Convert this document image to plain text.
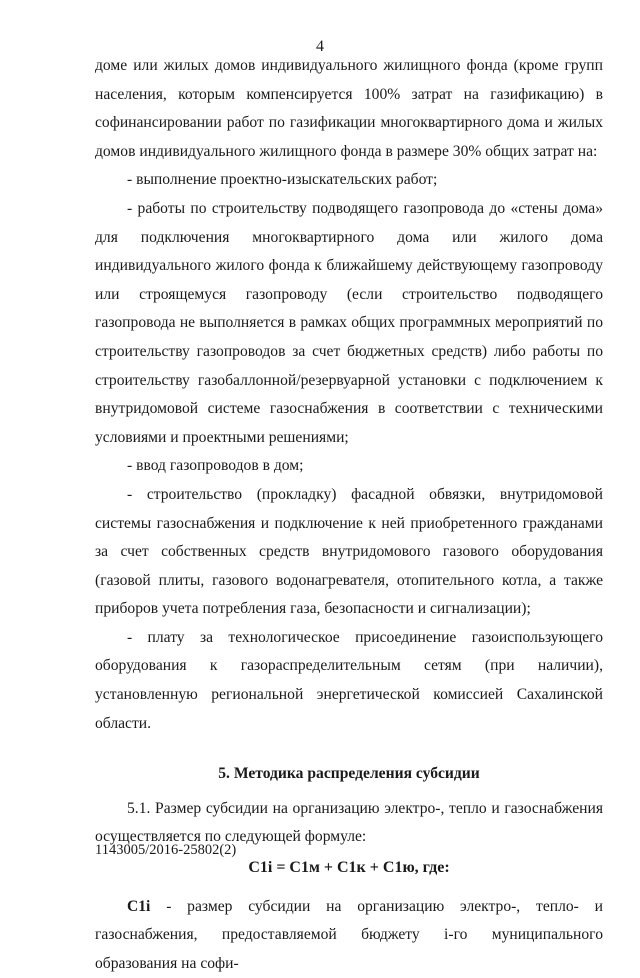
4

доме или жилых домов индивидуального жилищного фонда (кроме групп населения, которым компенсируется 100% затрат на газификацию) в софинансировании работ по газификации многоквартирного дома и жилых домов индивидуального жилищного фонда в размере 30% общих затрат на:

- выполнение проектно-изыскательских работ;

- работы по строительству подводящего газопровода до «стены дома» для подключения многоквартирного дома или жилого дома индивидуального жилого фонда к ближайшему действующему газопроводу или строящемуся газопроводу (если строительство подводящего газопровода не выполняется в рамках общих программных мероприятий по строительству газопроводов за счет бюджетных средств) либо работы по строительству газобаллонной/резервуарной установки с подключением к внутридомовой системе газоснабжения в соответствии с техническими условиями и проектными решениями;

- ввод газопроводов в дом;

- строительство (прокладку) фасадной обвязки, внутридомовой системы газоснабжения и подключение к ней приобретенного гражданами за счет собственных средств внутридомового газового оборудования (газовой плиты, газового водонагревателя, отопительного котла, а также приборов учета потребления газа, безопасности и сигнализации);

- плату за технологическое присоединение газоиспользующего оборудования к газораспределительным сетям (при наличии), установленную региональной энергетической комиссией Сахалинской области.

5. Методика распределения субсидии

5.1. Размер субсидии на организацию электро-, тепло и газоснабжения осуществляется по следующей формуле:

C1i = C1м + C1к + C1ю, где:

C1i - размер субсидии на организацию электро-, тепло- и газоснабжения, предоставляемой бюджету i-го муниципального образования на софи-

1143005/2016-25802(2)
